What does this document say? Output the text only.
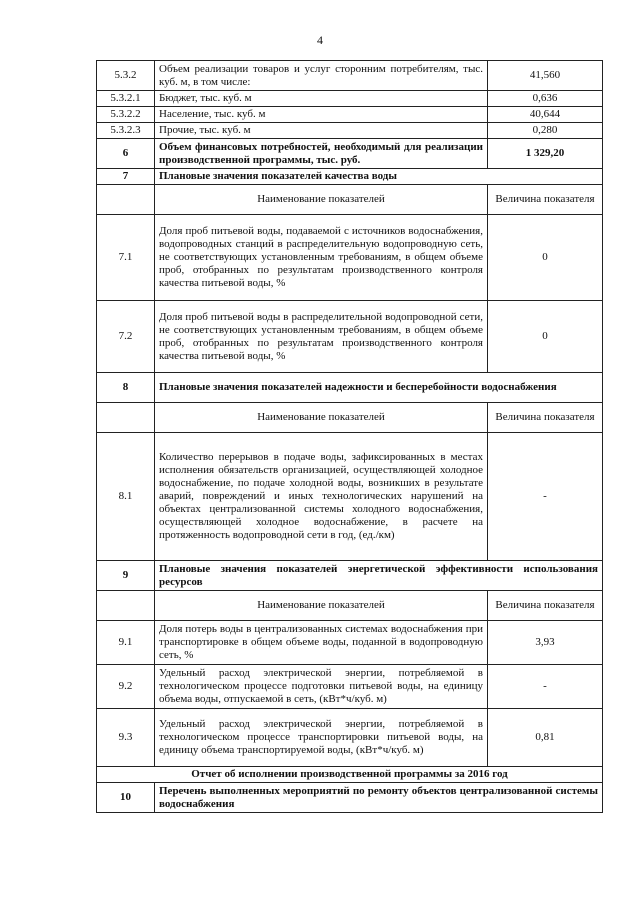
4
5.3.2	Объем реализации товаров и услуг сторонним потребителям, тыс. куб. м, в том числе:	41,560
5.3.2.1	Бюджет, тыс. куб. м	0,636
5.3.2.2	Население, тыс. куб. м	40,644
5.3.2.3	Прочие, тыс. куб. м	0,280
6	Объем финансовых потребностей, необходимый для реализации производственной программы, тыс. руб.	1 329,20
7	Плановые значения показателей качества воды	
	Наименование показателей	Величина показателя
7.1	Доля проб питьевой воды, подаваемой с источников водоснабжения, водопроводных станций в распределительную водопроводную сеть, не соответствующих установленным требованиям, в общем объеме проб, отобранных по результатам производственного контроля качества питьевой воды, %	0
7.2	Доля проб питьевой воды в распределительной водопроводной сети, не соответствующих установленным требованиям, в общем объеме проб, отобранных по результатам производственного контроля качества питьевой воды, %	0
8	Плановые значения показателей надежности и бесперебойности водоснабжения	
	Наименование показателей	Величина показателя
8.1	Количество перерывов в подаче воды, зафиксированных в местах исполнения обязательств организацией, осуществляющей холодное водоснабжение, по подаче холодной воды, возникших в результате аварий, повреждений и иных технологических нарушений на объектах централизованной системы холодного водоснабжения, осуществляющей холодное водоснабжение, в расчете на протяженность водопроводной сети в год, (ед./км)	-
9	Плановые значения показателей энергетической эффективности использования ресурсов	
	Наименование показателей	Величина показателя
9.1	Доля потерь воды в централизованных системах водоснабжения при транспортировке в общем объеме воды, поданной в водопроводную сеть, %	3,93
9.2	Удельный расход электрической энергии, потребляемой в технологическом процессе подготовки питьевой воды, на единицу объема воды, отпускаемой в сеть, (кВт*ч/куб. м)	-
9.3	Удельный расход электрической энергии, потребляемой в технологическом процессе транспортировки питьевой воды, на единицу объема транспортируемой воды, (кВт*ч/куб. м)	0,81
Отчет об исполнении производственной программы за 2016 год		
10	Перечень выполненных мероприятий по ремонту объектов централизованной системы водоснабжения	
